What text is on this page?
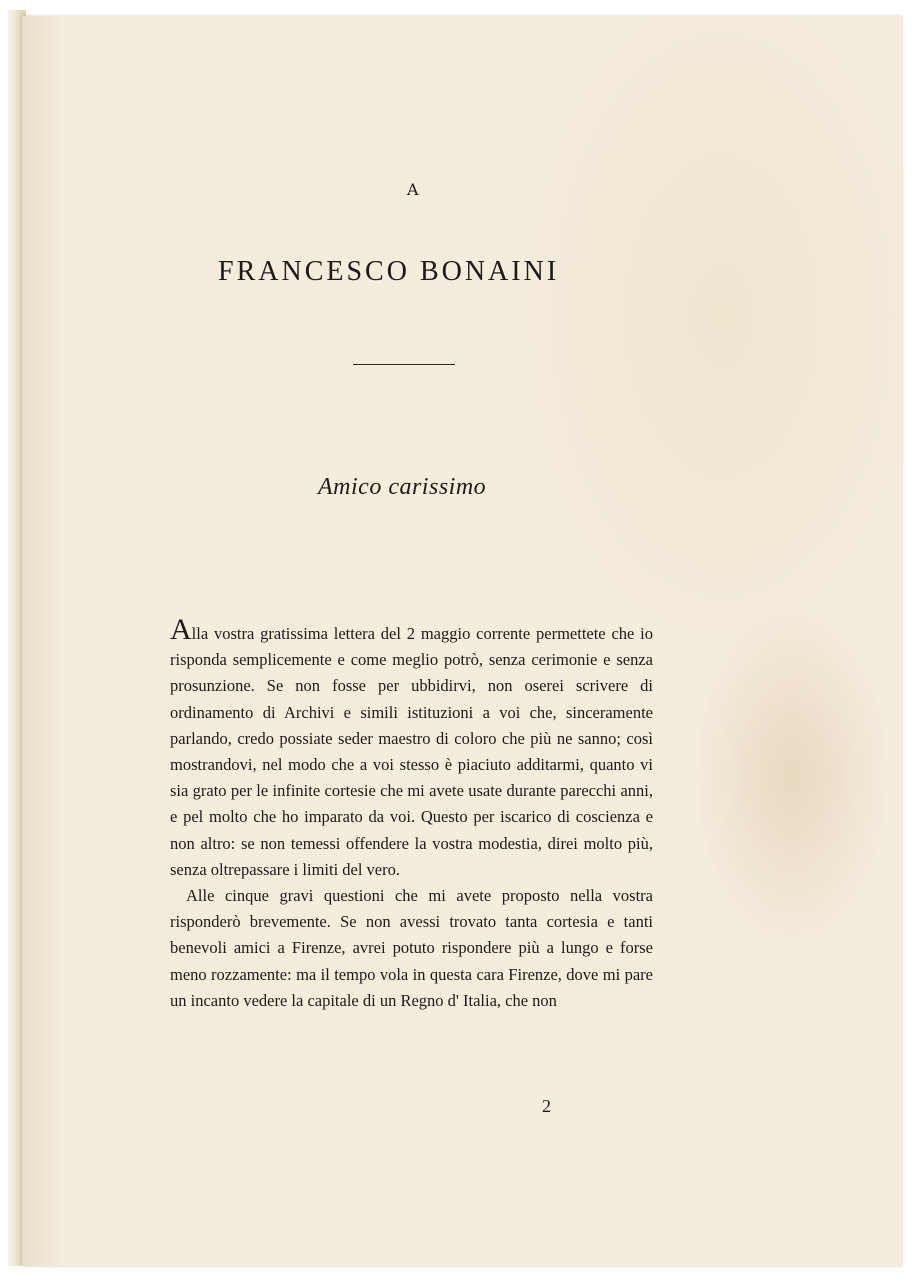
A
FRANCESCO BONAINI
Amico carissimo

Alla vostra gratissima lettera del 2 maggio corrente permettete che io risponda semplicemente e come meglio potrò, senza cerimonie e senza prosunzione. Se non fosse per ubbidirvi, non oserei scrivere di ordinamento di Archivi e simili istituzioni a voi che, sinceramente parlando, credo possiate seder maestro di coloro che più ne sanno; così mostrandovi, nel modo che a voi stesso è piaciuto additarmi, quanto vi sia grato per le infinite cortesie che mi avete usate durante parecchi anni, e pel molto che ho imparato da voi. Questo per iscarico di coscienza e non altro: se non temessi offendere la vostra modestia, direi molto più, senza oltrepassare i limiti del vero.

Alle cinque gravi questioni che mi avete proposto nella vostra risponderò brevemente. Se non avessi trovato tanta cortesia e tanti benevoli amici a Firenze, avrei potuto rispondere più a lungo e forse meno rozzamente: ma il tempo vola in questa cara Firenze, dove mi pare un incanto vedere la capitale di un Regno d' Italia, che non

2
